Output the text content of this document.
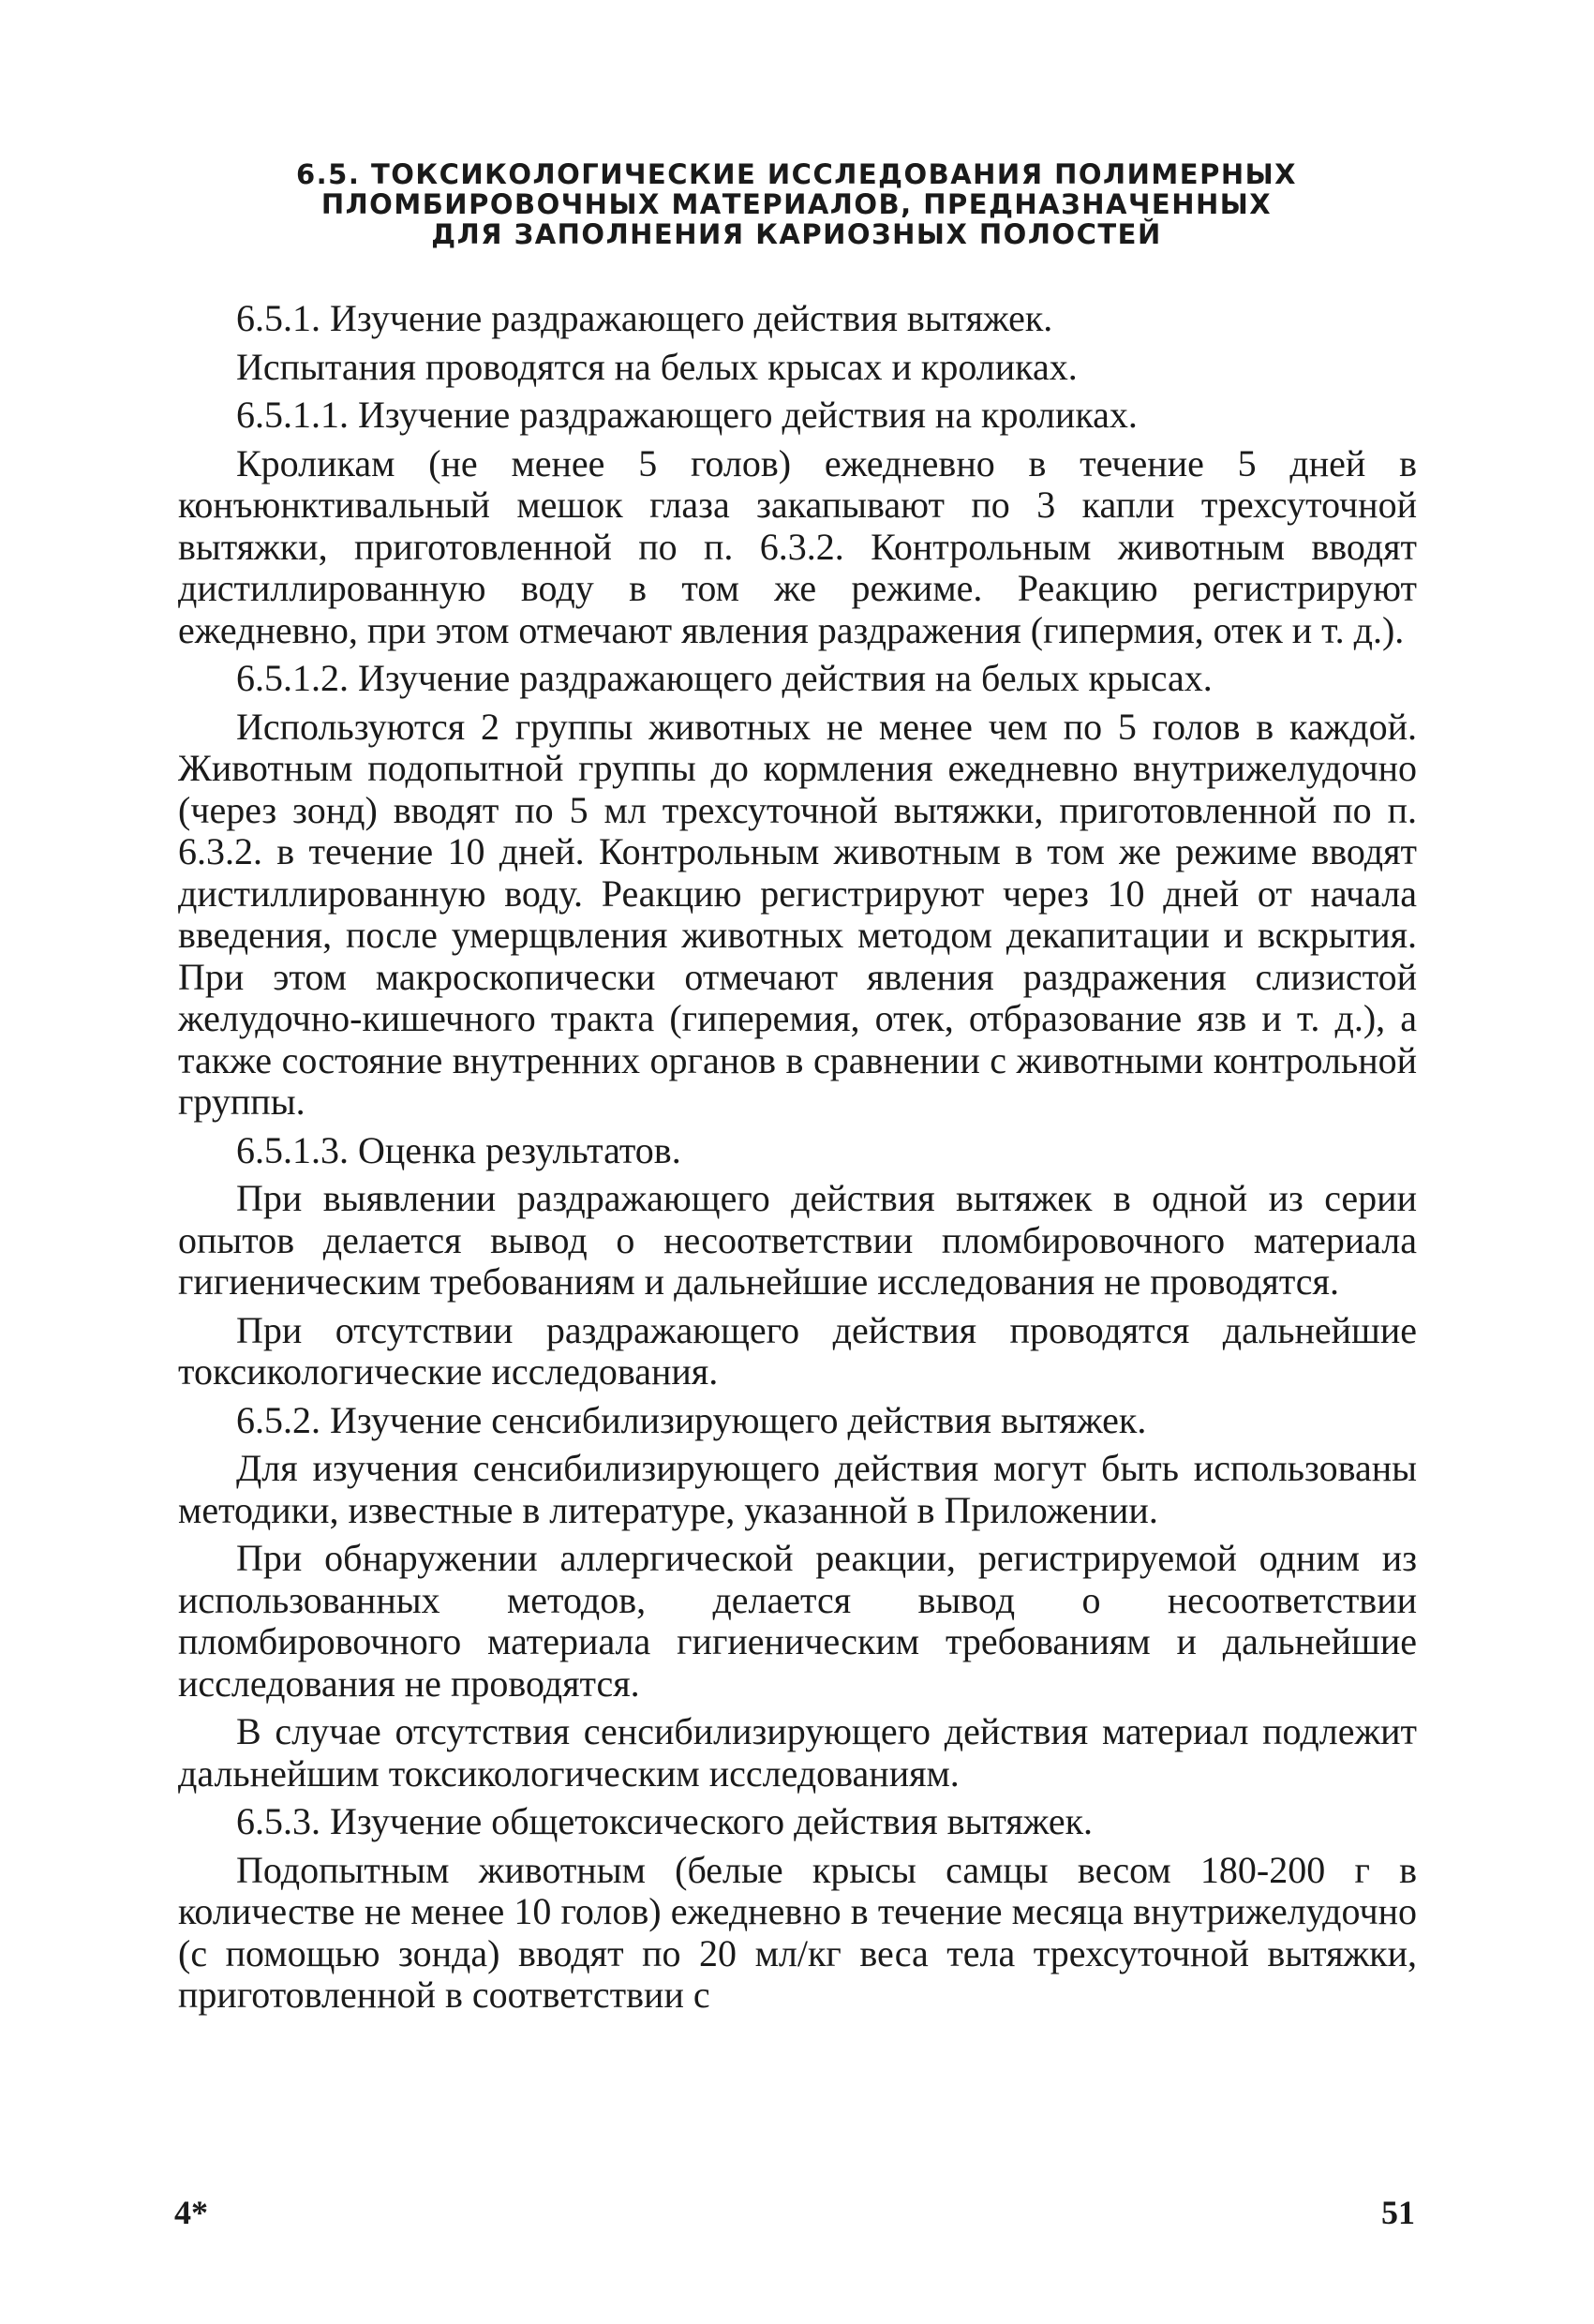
6.5. ТОКСИКОЛОГИЧЕСКИЕ ИССЛЕДОВАНИЯ ПОЛИМЕРНЫХ
ПЛОМБИРОВОЧНЫХ МАТЕРИАЛОВ, ПРЕДНАЗНАЧЕННЫХ
ДЛЯ ЗАПОЛНЕНИЯ КАРИОЗНЫХ ПОЛОСТЕЙ

6.5.1. Изучение раздражающего действия вытяжек.

Испытания проводятся на белых крысах и кроликах.

6.5.1.1. Изучение раздражающего действия на кроликах.

Кроликам (не менее 5 голов) ежедневно в течение 5 дней в конъюнктивальный мешок глаза закапывают по 3 капли трехсуточной вытяжки, приготовленной по п. 6.3.2. Контрольным животным вводят дистиллированную воду в том же режиме. Реакцию регистрируют ежедневно, при этом отмечают явления раздражения (гипермия, отек и т. д.).

6.5.1.2. Изучение раздражающего действия на белых крысах.

Используются 2 группы животных не менее чем по 5 голов в каждой. Животным подопытной группы до кормления ежедневно внутрижелудочно (через зонд) вводят по 5 мл трехсуточной вытяжки, приготовленной по п. 6.3.2. в течение 10 дней. Контрольным животным в том же режиме вводят дистиллированную воду. Реакцию регистрируют через 10 дней от начала введения, после умерщвления животных методом декапитации и вскрытия. При этом макроскопически отмечают явления раздражения слизистой желудочно-кишечного тракта (гиперемия, отек, отбразование язв и т. д.), а также состояние внутренних органов в сравнении с животными контрольной группы.

6.5.1.3. Оценка результатов.

При выявлении раздражающего действия вытяжек в одной из серии опытов делается вывод о несоответствии пломбировочного материала гигиеническим требованиям и дальнейшие исследования не проводятся.

При отсутствии раздражающего действия проводятся дальнейшие токсикологические исследования.

6.5.2. Изучение сенсибилизирующего действия вытяжек.

Для изучения сенсибилизирующего действия могут быть использованы методики, известные в литературе, указанной в Приложении.

При обнаружении аллергической реакции, регистрируемой одним из использованных методов, делается вывод о несоответствии пломбировочного материала гигиеническим требованиям и дальнейшие исследования не проводятся.

В случае отсутствия сенсибилизирующего действия материал подлежит дальнейшим токсикологическим исследованиям.

6.5.3. Изучение общетоксического действия вытяжек.

Подопытным животным (белые крысы самцы весом 180-200 г в количестве не менее 10 голов) ежедневно в течение месяца внутрижелудочно (с помощью зонда) вводят по 20 мл/кг веса тела трехсуточной вытяжки, приготовленной в соответствии с

4*	51
